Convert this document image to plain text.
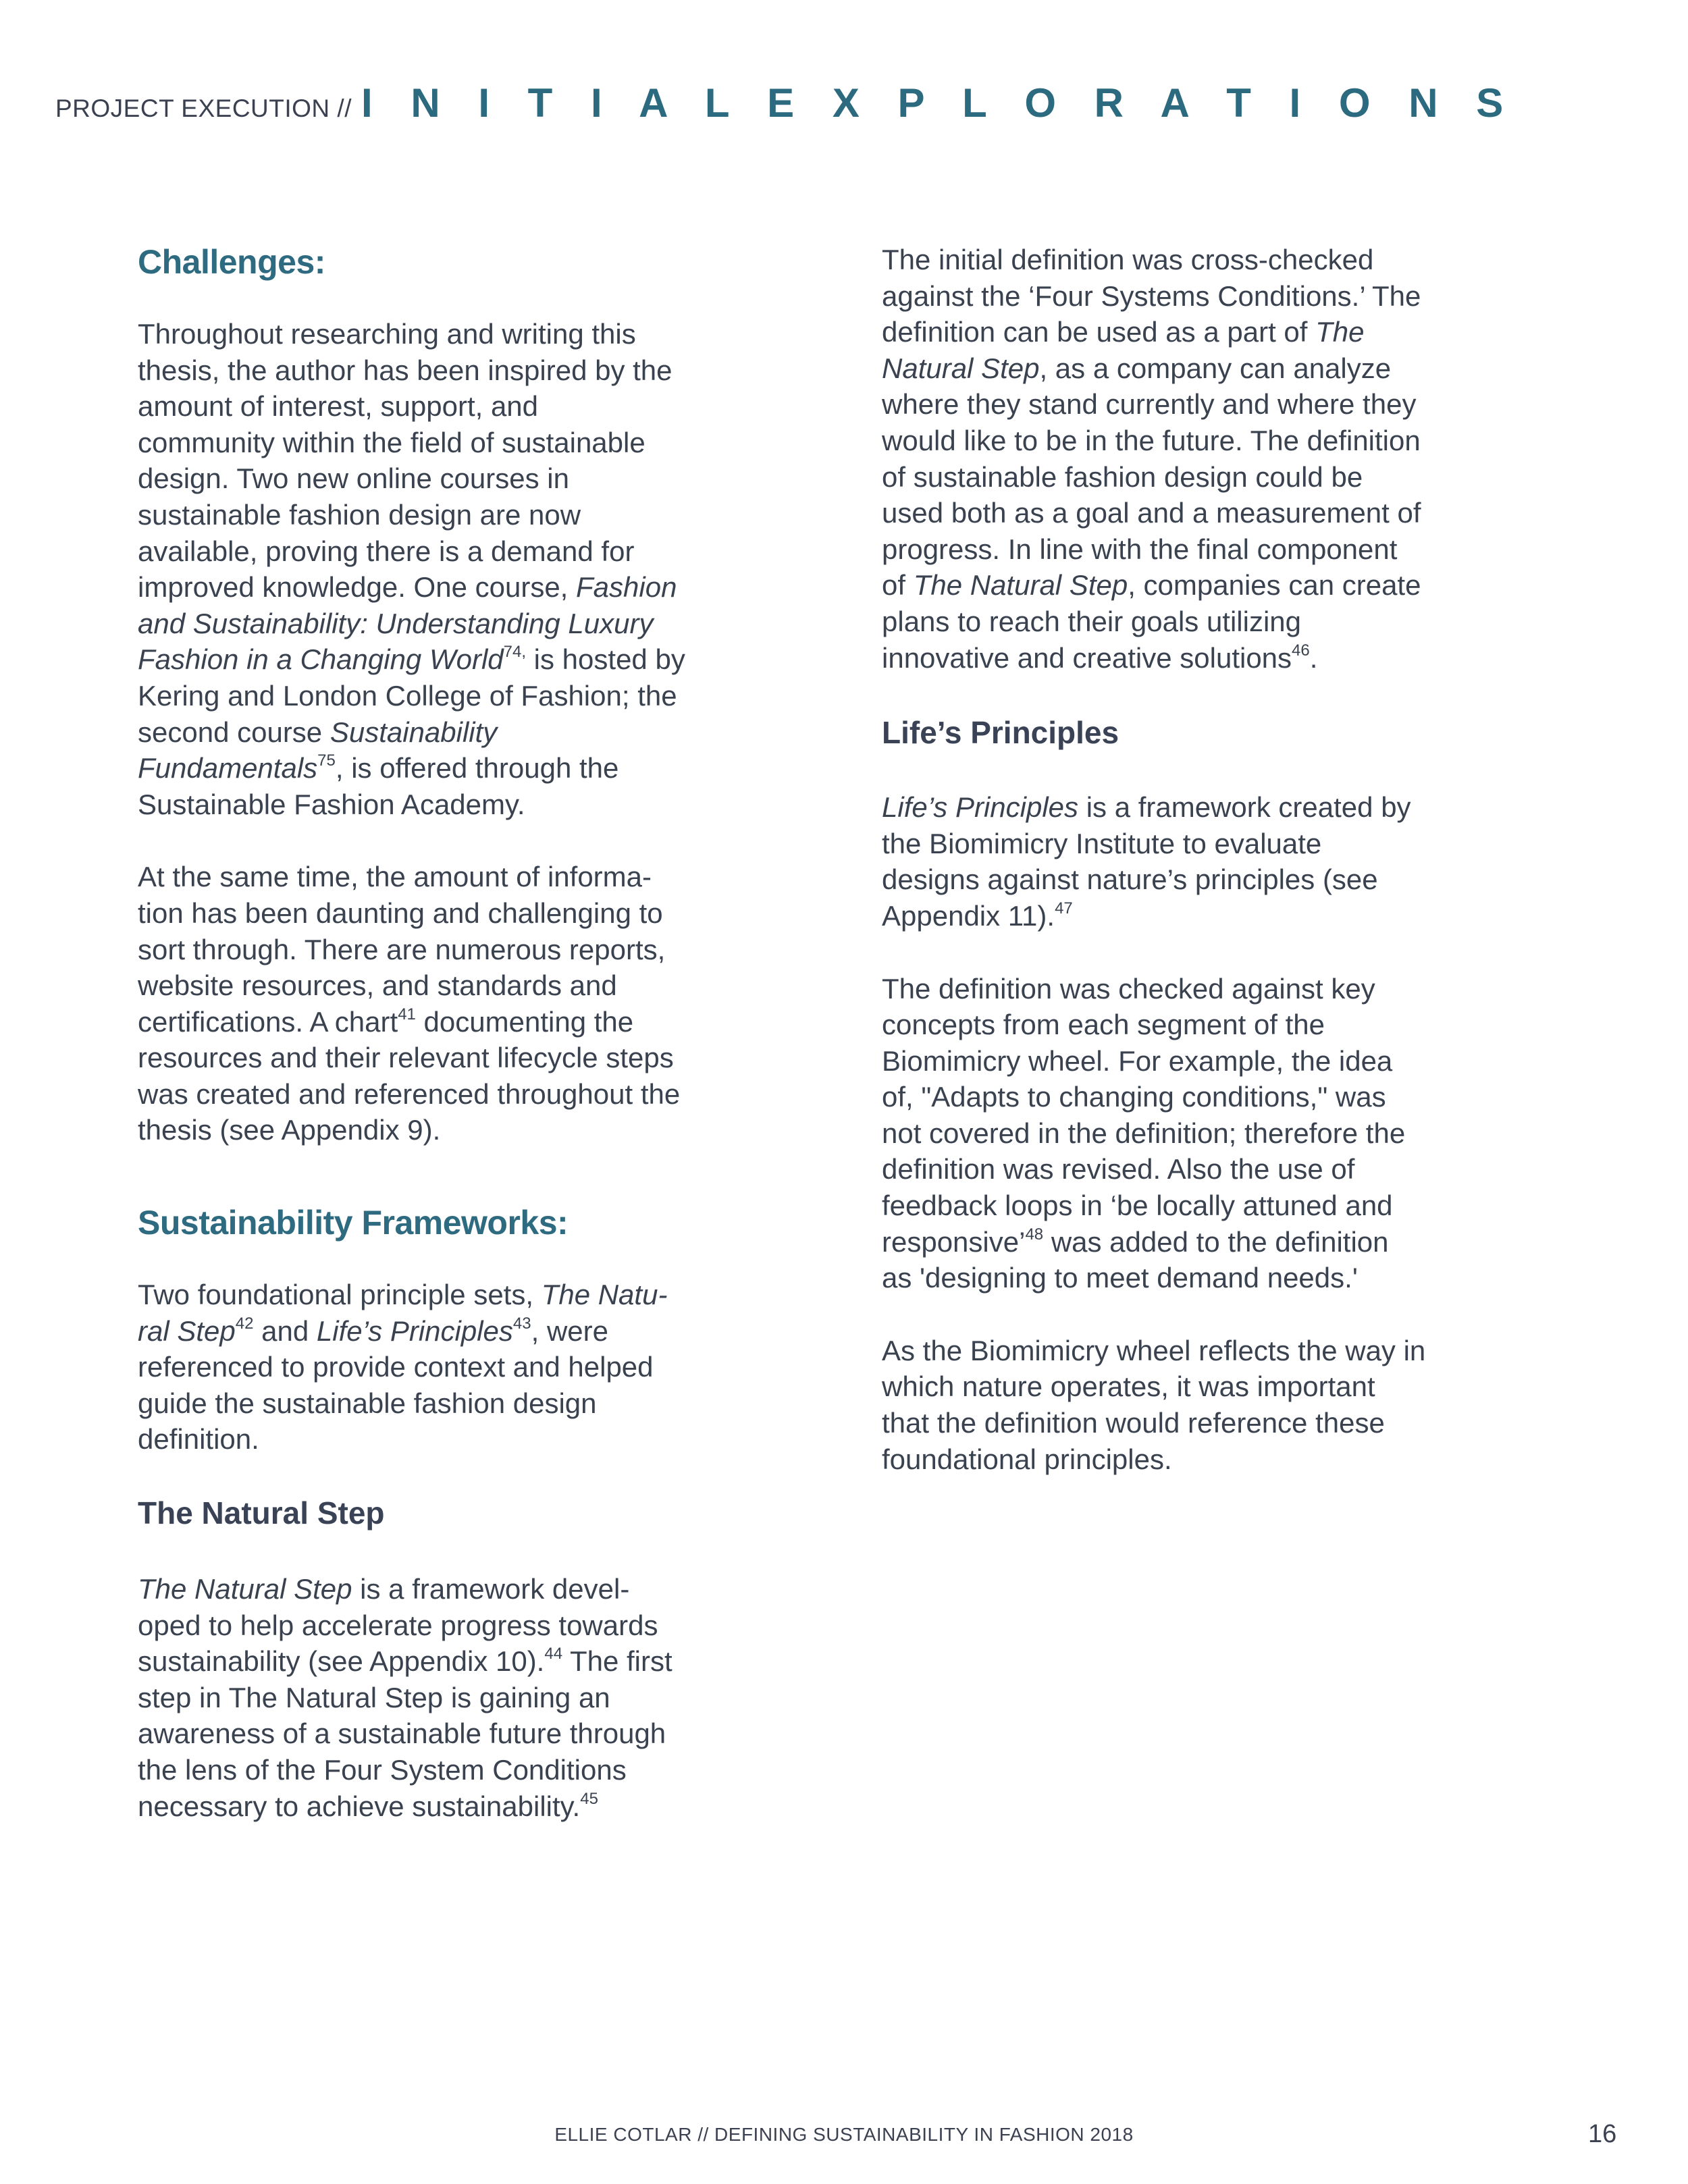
PROJECT EXECUTION // I N I T I A L E X P L O R A T I O N S
Challenges:

Throughout researching and writing this
thesis, the author has been inspired by the
amount of interest, support, and
community within the field of sustainable
design. Two new online courses in
sustainable fashion design are now
available, proving there is a demand for
improved knowledge. One course, Fashion
and Sustainability: Understanding Luxury
Fashion in a Changing World$^{74,}$ is hosted by
Kering and London College of Fashion; the
second course Sustainability
Fundamentals$^{75}$, is offered through the
Sustainable Fashion Academy.

At the same time, the amount of informa-
tion has been daunting and challenging to
sort through. There are numerous reports,
website resources, and standards and
certifications. A chart$^{41}$ documenting the
resources and their relevant lifecycle steps
was created and referenced throughout the
thesis (see Appendix 9).

Sustainability Frameworks:

Two foundational principle sets, The Natu-
ral Step$^{42}$ and Life’s Principles$^{43}$, were
referenced to provide context and helped
guide the sustainable fashion design
definition.

The Natural Step

The Natural Step is a framework devel-
oped to help accelerate progress towards
sustainability (see Appendix 10).$^{44}$ The first
step in The Natural Step is gaining an
awareness of a sustainable future through
the lens of the Four System Conditions
necessary to achieve sustainability.$^{45}$

The initial definition was cross-checked
against the ‘Four Systems Conditions.’ The
definition can be used as a part of The
Natural Step, as a company can analyze
where they stand currently and where they
would like to be in the future. The definition
of sustainable fashion design could be
used both as a goal and a measurement of
progress. In line with the final component
of The Natural Step, companies can create
plans to reach their goals utilizing
innovative and creative solutions$^{46}$.

Life’s Principles

Life’s Principles is a framework created by
the Biomimicry Institute to evaluate
designs against nature’s principles (see
Appendix 11).$^{47}$

The definition was checked against key
concepts from each segment of the
Biomimicry wheel. For example, the idea
of, "Adapts to changing conditions," was
not covered in the definition; therefore the
definition was revised. Also the use of
feedback loops in ‘be locally attuned and
responsive’$^{48}$ was added to the definition
as 'designing to meet demand needs.'

As the Biomimicry wheel reflects the way in
which nature operates, it was important
that the definition would reference these
foundational principles.

ELLIE COTLAR // DEFINING SUSTAINABILITY IN FASHION 2018	16
